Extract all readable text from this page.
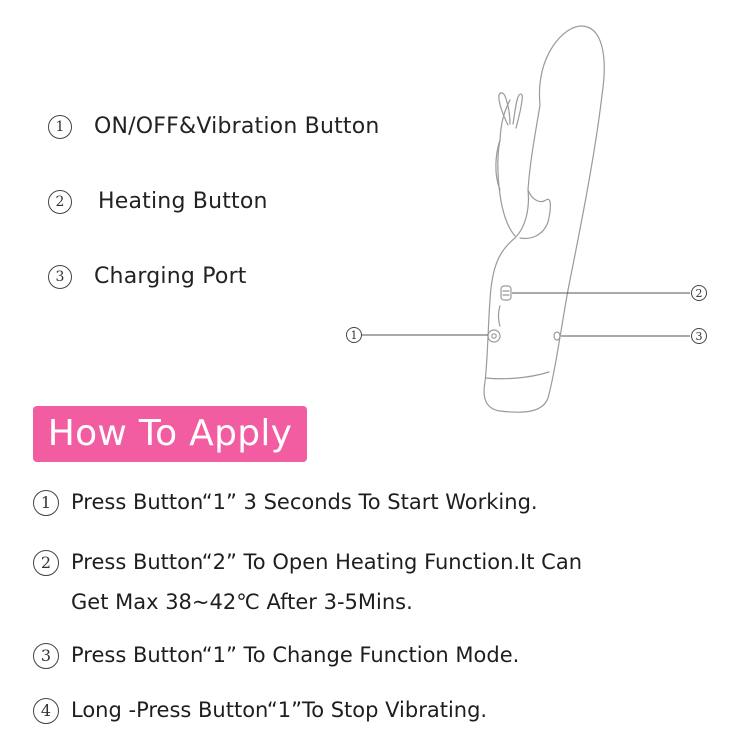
1	ON/OFF&Vibration Button
2	Heating Button
3	Charging Port
1
2
3
How To Apply
1 Press Button“1” 3 Seconds To Start Working.
2 Press Button“2” To Open Heating Function.It Can
Get Max 38~42℃ After 3-5Mins.
3 Press Button“1” To Change Function Mode.
4 Long -Press Button“1”To Stop Vibrating.
